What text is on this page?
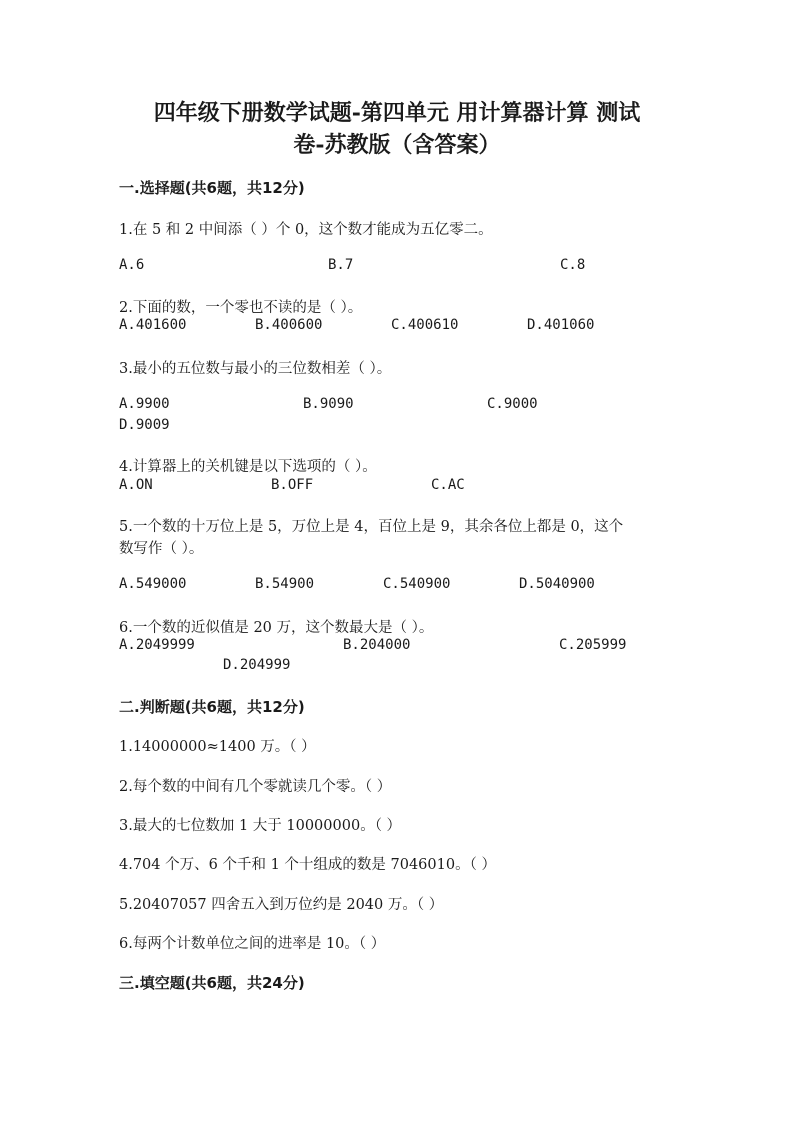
四年级下册数学试题-第四单元 用计算器计算 测试
卷-苏教版（含答案）
一.选择题(共6题，共12分)
1.在 5 和 2 中间添（ ）个 0，这个数才能成为五亿零二。
A.6	B.7	C.8
2.下面的数，一个零也不读的是（ ）。
A.401600	B.400600	C.400610	D.401060
3.最小的五位数与最小的三位数相差（ ）。
A.9900	B.9090	C.9000
D.9009
4.计算器上的关机键是以下选项的（ ）。
A.ON	B.OFF	C.AC
5.一个数的十万位上是 5，万位上是 4，百位上是 9，其余各位上都是 0，这个
数写作（ ）。
A.549000	B.54900	C.540900	D.5040900
6.一个数的近似值是 20 万，这个数最大是（ ）。
A.2049999	B.204000	C.205999
D.204999
二.判断题(共6题，共12分)
1.14000000≈1400 万。（ ）
2.每个数的中间有几个零就读几个零。（ ）
3.最大的七位数加 1 大于 10000000。（ ）
4.704 个万、6 个千和 1 个十组成的数是 7046010。（ ）
5.20407057 四舍五入到万位约是 2040 万。（ ）
6.每两个计数单位之间的进率是 10。（ ）
三.填空题(共6题，共24分)
